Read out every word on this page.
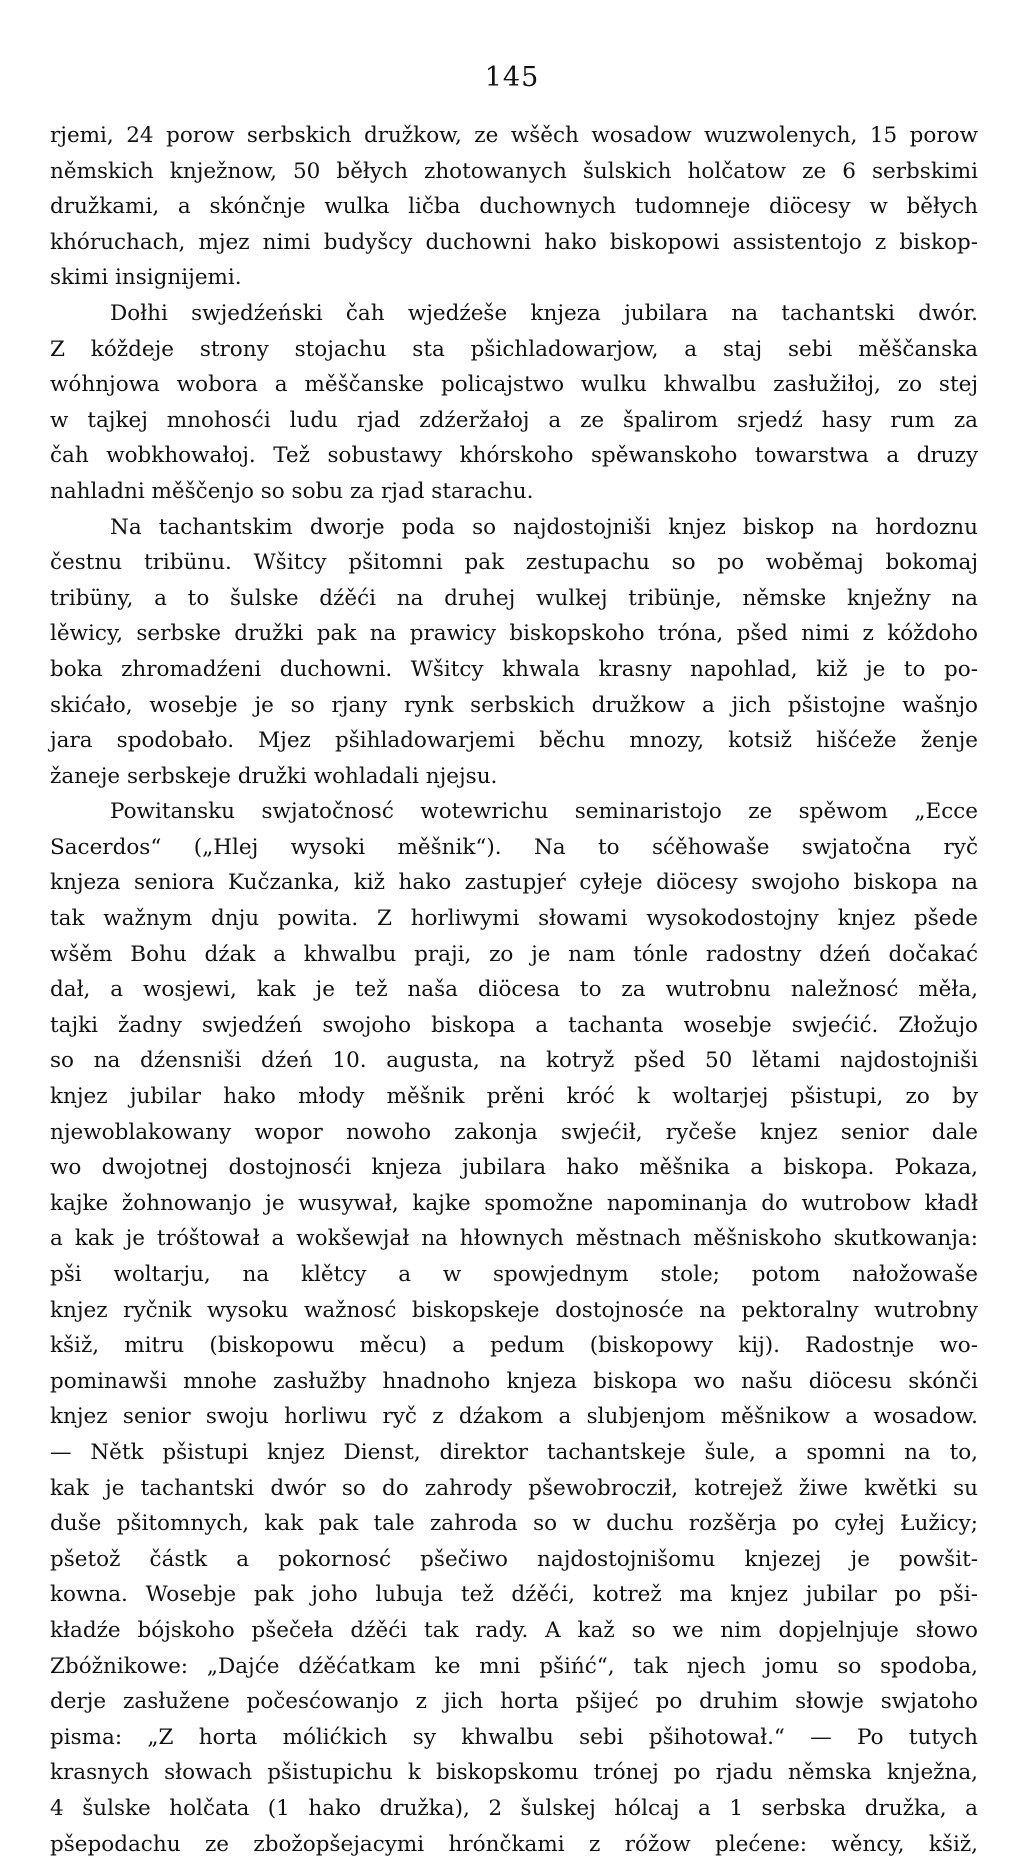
145
rjemi, 24 porow serbskich družkow, ze wšěch wosadow wuzwolenych, 15 porow
němskich knježnow, 50 běłych zhotowanych šulskich holčatow ze 6 serbskimi
družkami, a skónčnje wulka ličba duchownych tudomneje diöcesy w běłych
khóruchach, mjez nimi budyšcy duchowni hako biskopowi assistentojo z biskop-
skimi insignijemi.
Dołhi swjedźeński čah wjedźeše knjeza jubilara na tachantski dwór.
Z kóždeje strony stojachu sta pšichladowarjow, a staj sebi měščanska
wóhnjowa wobora a měščanske policajstwo wulku khwalbu zasłužiłoj, zo stej
w tajkej mnohosći ludu rjad zdźeržałoj a ze špalirom srjedź hasy rum za
čah wobkhowałoj. Tež sobustawy khórskoho spěwanskoho towarstwa a druzy
nahladni měščenjo so sobu za rjad starachu.
Na tachantskim dworje poda so najdostojniši knjez biskop na hordoznu
čestnu tribünu. Wšitcy pšitomni pak zestupachu so po woběmaj bokomaj
tribüny, a to šulske dźěći na druhej wulkej tribünje, němske knježny na
lěwicy, serbske družki pak na prawicy biskopskoho tróna, pšed nimi z kóždoho
boka zhromadźeni duchowni. Wšitcy khwala krasny napohlad, kiž je to po-
skićało, wosebje je so rjany rynk serbskich družkow a jich pšistojne wašnjo
jara spodobało. Mjez pšihladowarjemi běchu mnozy, kotsiž hišćeže ženje
žaneje serbskeje družki wohladali njejsu.
Powitansku swjatočnosć wotewrichu seminaristojo ze spěwom „Ecce
Sacerdos“ („Hlej wysoki měšnik“). Na to sćěhowaše swjatočna ryč
knjeza seniora Kučzanka, kiž hako zastupjeŕ cyłeje diöcesy swojoho biskopa na
tak wažnym dnju powita. Z horliwymi słowami wysokodostojny knjez pšede
wšěm Bohu dźak a khwalbu praji, zo je nam tónle radostny dźeń dočakać
dał, a wosjewi, kak je tež naša diöcesa to za wutrobnu naležnosć měła,
tajki žadny swjedźeń swojoho biskopa a tachanta wosebje swjećić. Złožujo
so na dźensniši dźeń 10. augusta, na kotryž pšed 50 lětami najdostojniši
knjez jubilar hako młody měšnik prěni króć k woltarjej pšistupi, zo by
njewoblakowany wopor nowoho zakonja swjećił, ryčeše knjez senior dale
wo dwojotnej dostojnosći knjeza jubilara hako měšnika a biskopa. Pokaza,
kajke žohnowanjo je wusywał, kajke spomožne napominanja do wutrobow kładł
a kak je tróštował a wokšewjał na hłownych městnach měšniskoho skutkowanja:
pši woltarju, na klětcy a w spowjednym stole; potom nałožowaše
knjez ryčnik wysoku wažnosć biskopskeje dostojnosće na pektoralny wutrobny
kšiž, mitru (biskopowu měcu) a pedum (biskopowy kij). Radostnje wo-
pominawši mnohe zasłužby hnadnoho knjeza biskopa wo našu diöcesu skónči
knjez senior swoju horliwu ryč z dźakom a slubjenjom měšnikow a wosadow.
— Nětk pšistupi knjez Dienst, direktor tachantskeje šule, a spomni na to,
kak je tachantski dwór so do zahrody pšewobrocził, kotrejež žiwe kwětki su
duše pšitomnych, kak pak tale zahroda so w duchu rozšěrja po cyłej Łužicy;
pšetož částk a pokornosć pšečiwo najdostojnišomu knjezej je powšit-
kowna. Wosebje pak joho lubuja tež dźěći, kotrež ma knjez jubilar po pši-
kładźe bójskoho pšečeła dźěći tak rady. A kaž so we nim dopjelnjuje słowo
Zbóžnikowe: „Dajće dźěćatkam ke mni pšińć“, tak njech jomu so spodoba,
derje zasłužene počesćowanjo z jich horta pšijeć po druhim słowje swjatoho
pisma: „Z horta mólićkich sy khwalbu sebi pšihotował.“ — Po tutych
krasnych słowach pšistupichu k biskopskomu trónej po rjadu němska knježna,
4 šulske holčata (1 hako družka), 2 šulskej hólcaj a 1 serbska družka, a
pšepodachu ze zbožopšejacymi hrónčkami z róžow plećene: wěncy, kšiž,
